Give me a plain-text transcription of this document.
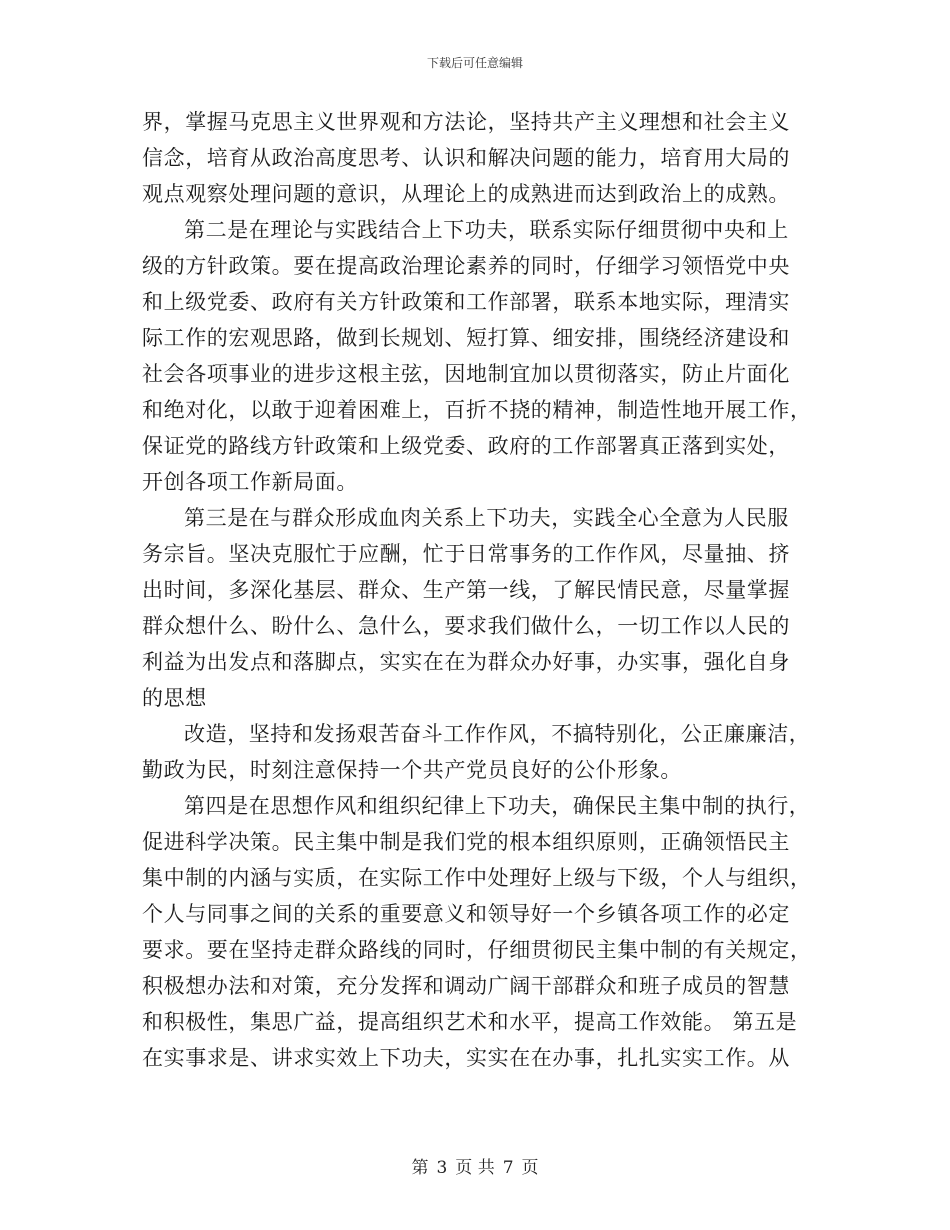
下载后可任意编辑
界，掌握马克思主义世界观和方法论，坚持共产主义理想和社会主义
信念，培育从政治高度思考、认识和解决问题的能力，培育用大局的
观点观察处理问题的意识，从理论上的成熟进而达到政治上的成熟。
第二是在理论与实践结合上下功夫，联系实际仔细贯彻中央和上
级的方针政策。要在提高政治理论素养的同时，仔细学习领悟党中央
和上级党委、政府有关方针政策和工作部署，联系本地实际，理清实
际工作的宏观思路，做到长规划、短打算、细安排，围绕经济建设和
社会各项事业的进步这根主弦，因地制宜加以贯彻落实，防止片面化
和绝对化，以敢于迎着困难上，百折不挠的精神，制造性地开展工作，
保证党的路线方针政策和上级党委、政府的工作部署真正落到实处，
开创各项工作新局面。
第三是在与群众形成血肉关系上下功夫，实践全心全意为人民服
务宗旨。坚决克服忙于应酬，忙于日常事务的工作作风，尽量抽、挤
出时间，多深化基层、群众、生产第一线，了解民情民意，尽量掌握
群众想什么、盼什么、急什么，要求我们做什么，一切工作以人民的
利益为出发点和落脚点，实实在在为群众办好事，办实事，强化自身
的思想
改造，坚持和发扬艰苦奋斗工作作风，不搞特别化，公正廉廉洁，
勤政为民，时刻注意保持一个共产党员良好的公仆形象。
第四是在思想作风和组织纪律上下功夫，确保民主集中制的执行，
促进科学决策。民主集中制是我们党的根本组织原则，正确领悟民主
集中制的内涵与实质，在实际工作中处理好上级与下级，个人与组织，
个人与同事之间的关系的重要意义和领导好一个乡镇各项工作的必定
要求。要在坚持走群众路线的同时，仔细贯彻民主集中制的有关规定，
积极想办法和对策，充分发挥和调动广阔干部群众和班子成员的智慧
和积极性，集思广益，提高组织艺术和水平，提高工作效能。 第五是
在实事求是、讲求实效上下功夫，实实在在办事，扎扎实实工作。从
第 3 页 共 7 页
